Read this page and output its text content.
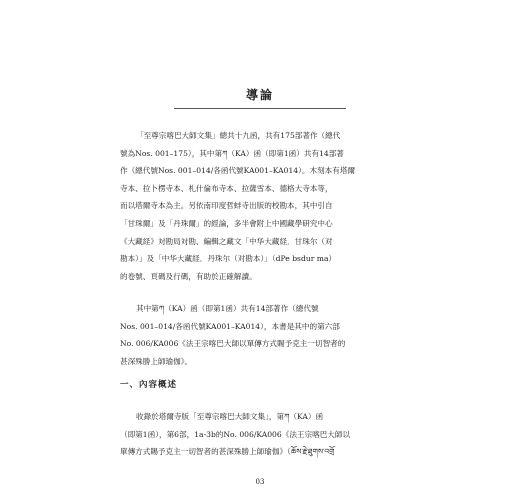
導論

「至尊宗喀巴大師文集」總共十九函，共有175部著作（總代
號為Nos. 001–175），其中第ཀ（KA）函（即第1函）共有14部著
作（總代號Nos. 001–014/各函代號KA001–KA014）。木刻本有塔爾
寺本、拉卜楞寺本、札什倫布寺本、拉薩雪本、德格大寺本等，
而以塔爾寺本為主。另依南印度哲蚌寺出版的校勘本，其中引自
「甘珠爾」及「丹珠爾」的經論，多半會附上中國藏學研究中心
《大藏経》対勘局対勘、編輯之藏文「中华大藏経．甘珠尔（对
勘本）」及「中华大藏経．丹珠尔（对勘本）」（dPe bsdur ma）
的卷號、頁碼及行碼，有助於正確解讀。

其中第ཀ（KA）函（即第1函）共有14部著作（總代號
Nos. 001–014/各函代號KA001–KA014），本書是其中的第六部
No. 006/KA006《法王宗喀巴大師以單傳方式賜予克主一切智者的
甚深殊勝上師瑜伽》。

一、內容概述

收錄於塔爾寺版「至尊宗喀巴大師文集」，第ཀ（KA）函
（即第1函），第6部，1a-3b的No. 006/KA006《法王宗喀巴大師以
單傳方式賜予克主一切智者的甚深殊勝上師瑜伽》（ཆོས་རྗེ་ཐུགས་འགྲོ

03
